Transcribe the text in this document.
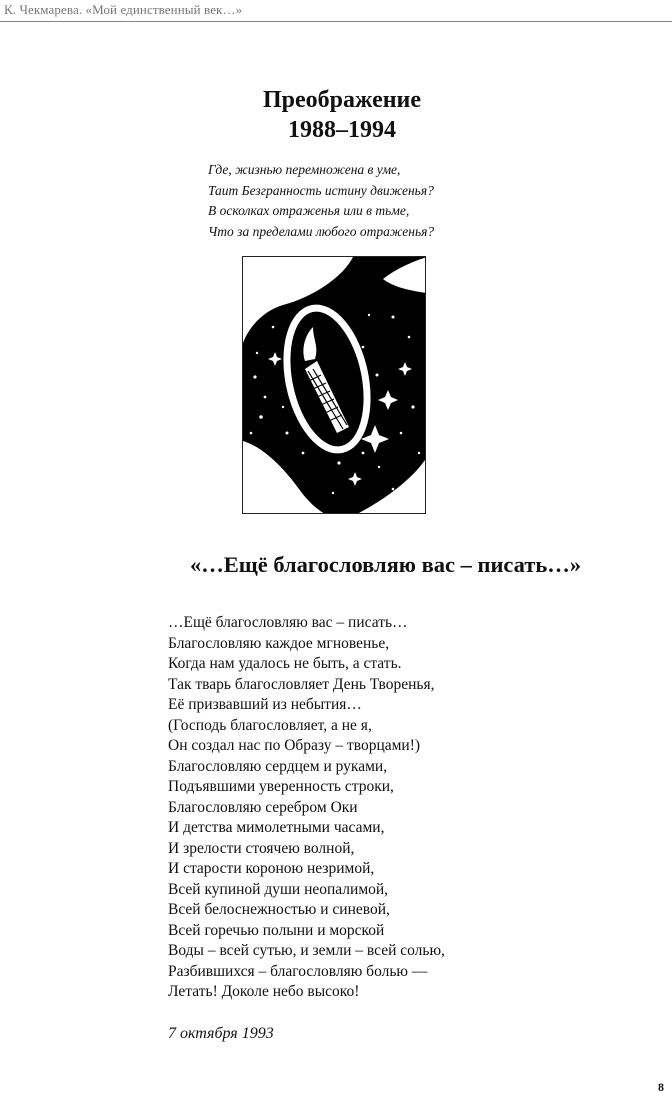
К. Чекмарева. «Мой единственный век…»
Преображение
1988–1994
Где, жизнью перемножена в уме,
Таит Безгранность истину движенья?
В осколках отраженья или в тьме,
Что за пределами любого отраженья?
«…Ещё благословляю вас – писать…»
…Ещё благословляю вас – писать…
Благословляю каждое мгновенье,
Когда нам удалось не быть, а стать.
Так тварь благословляет День Творенья,
Её призвавший из небытия…
(Господь благословляет, а не я,
Он создал нас по Образу – творцами!)
Благословляю сердцем и руками,
Подъявшими уверенность строки,
Благословляю серебром Оки
И детства мимолетными часами,
И зрелости стоячею волной,
И старости короною незримой,
Всей купиной души неопалимой,
Всей белоснежностью и синевой,
Всей горечью полыни и морской
Воды – всей сутью, и земли – всей солью,
Разбившихся – благословляю болью —
Летать! Доколе небо высоко!
7 октября 1993
8
